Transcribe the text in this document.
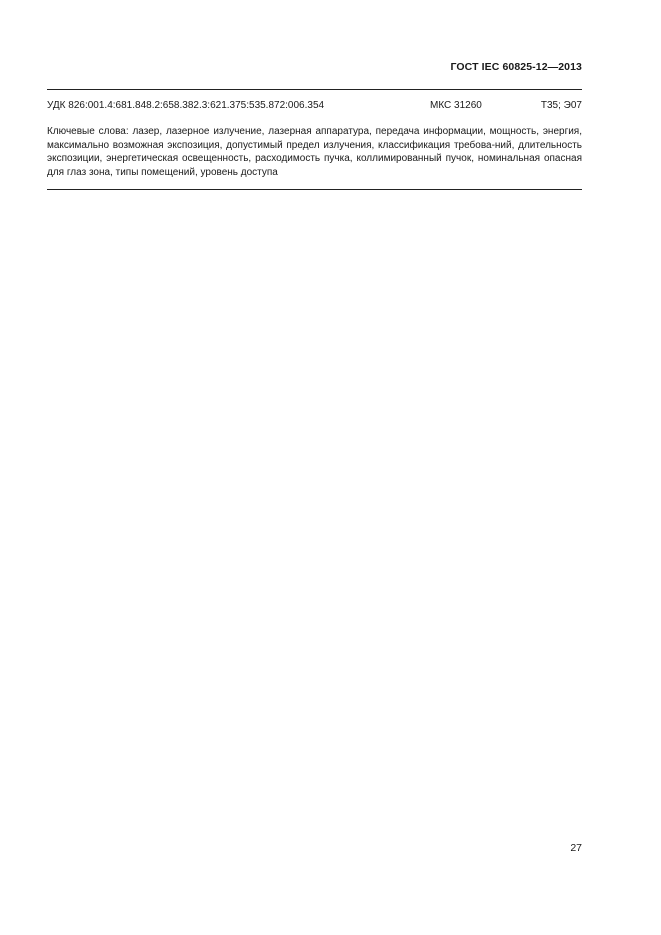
ГОСТ IEC 60825-12—2013
УДК 826:001.4:681.848.2:658.382.3:621.375:535.872:006.354	МКС 31260	Т35; Э07
Ключевые слова: лазер, лазерное излучение, лазерная аппаратура, передача информации, мощность, энергия, максимально возможная экспозиция, допустимый предел излучения, классификация требова-ний, длительность экспозиции, энергетическая освещенность, расходимость пучка, коллимированный пучок, номинальная опасная для глаз зона, типы помещений, уровень доступа
27
